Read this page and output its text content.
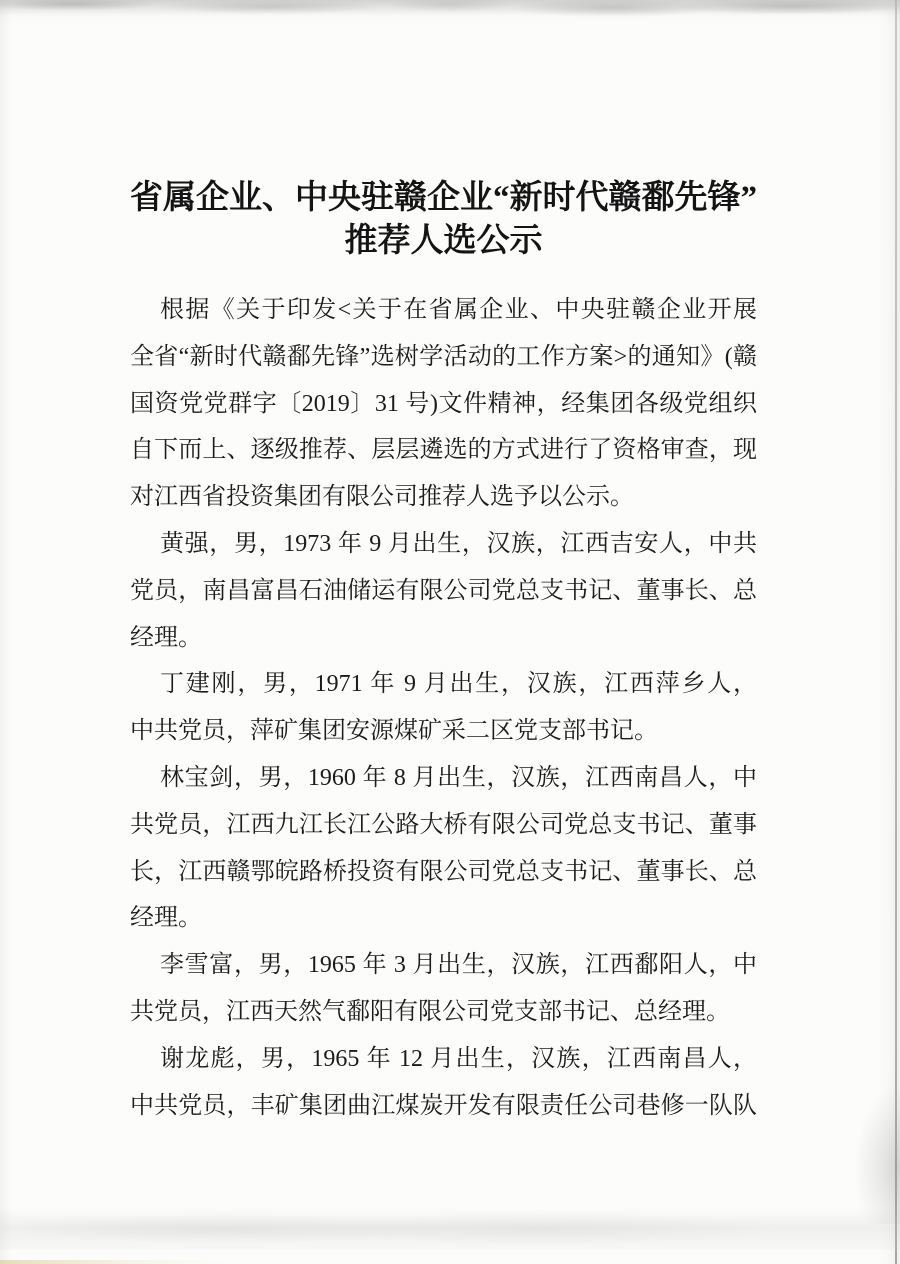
省属企业、中央驻赣企业“新时代赣鄱先锋”
推荐人选公示

根据《关于印发<关于在省属企业、中央驻赣企业开展
全省“新时代赣鄱先锋”选树学活动的工作方案>的通知》(赣
国资党党群字〔2019〕31 号)文件精神，经集团各级党组织
自下而上、逐级推荐、层层遴选的方式进行了资格审查，现
对江西省投资集团有限公司推荐人选予以公示。

黄强，男，1973 年 9 月出生，汉族，江西吉安人，中共
党员，南昌富昌石油储运有限公司党总支书记、董事长、总
经理。

丁建刚，男，1971 年 9 月出生，汉族，江西萍乡人，
中共党员，萍矿集团安源煤矿采二区党支部书记。

林宝剑，男，1960 年 8 月出生，汉族，江西南昌人，中
共党员，江西九江长江公路大桥有限公司党总支书记、董事
长，江西赣鄂皖路桥投资有限公司党总支书记、董事长、总
经理。

李雪富，男，1965 年 3 月出生，汉族，江西鄱阳人，中
共党员，江西天然气鄱阳有限公司党支部书记、总经理。

谢龙彪，男，1965 年 12 月出生，汉族，江西南昌人，
中共党员，丰矿集团曲江煤炭开发有限责任公司巷修一队队
